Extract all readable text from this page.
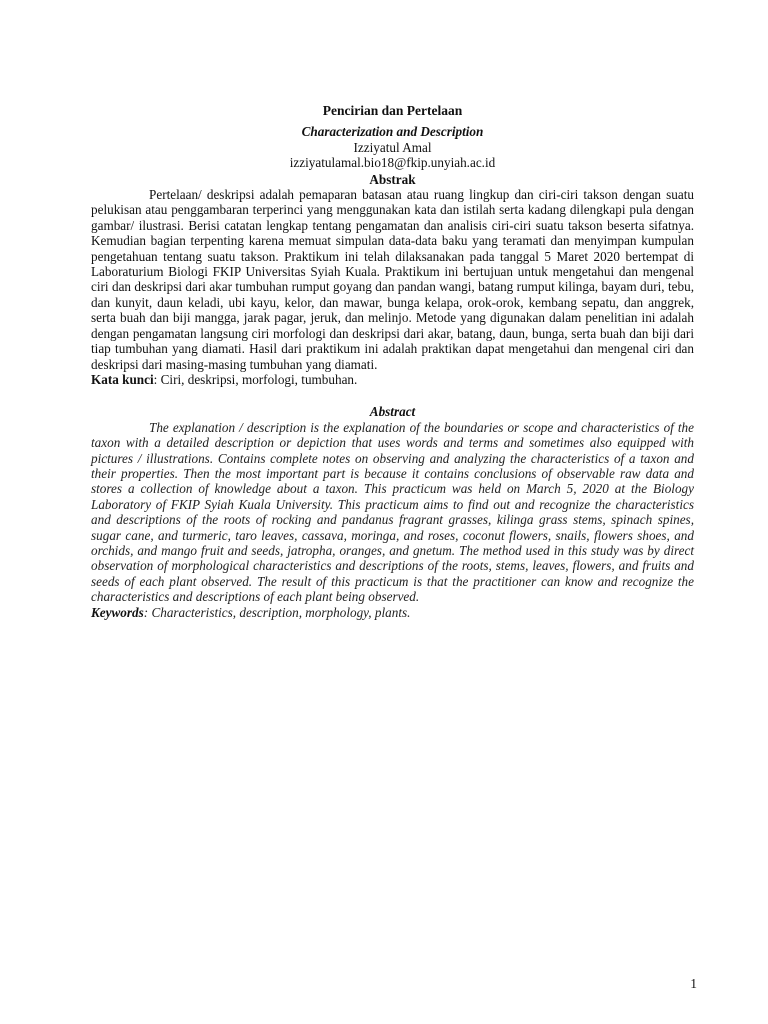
Pencirian dan Pertelaan

Characterization and Description

Izziyatul Amal

izziyatulamal.bio18@fkip.unyiah.ac.id

Abstrak

Pertelaan/ deskripsi adalah pemaparan batasan atau ruang lingkup dan ciri-ciri takson dengan suatu pelukisan atau penggambaran terperinci yang menggunakan kata dan istilah serta kadang dilengkapi pula dengan gambar/ ilustrasi. Berisi catatan lengkap tentang pengamatan dan analisis ciri-ciri suatu takson beserta sifatnya. Kemudian bagian terpenting karena memuat simpulan data-data baku yang teramati dan menyimpan kumpulan pengetahuan tentang suatu takson. Praktikum ini telah dilaksanakan pada tanggal 5 Maret 2020 bertempat di Laboraturium Biologi FKIP Universitas Syiah Kuala. Praktikum ini bertujuan untuk mengetahui dan mengenal ciri dan deskripsi dari akar tumbuhan rumput goyang dan pandan wangi, batang rumput kilinga, bayam duri, tebu, dan kunyit, daun keladi, ubi kayu, kelor, dan mawar, bunga kelapa, orok-orok, kembang sepatu, dan anggrek, serta buah dan biji mangga, jarak pagar, jeruk, dan melinjo. Metode yang digunakan dalam penelitian ini adalah dengan pengamatan langsung ciri morfologi dan deskripsi dari akar, batang, daun, bunga, serta buah dan biji dari tiap tumbuhan yang diamati. Hasil dari praktikum ini adalah praktikan dapat mengetahui dan mengenal ciri dan deskripsi dari masing-masing tumbuhan yang diamati.

Kata kunci: Ciri, deskripsi, morfologi, tumbuhan.

Abstract

The explanation / description is the explanation of the boundaries or scope and characteristics of the taxon with a detailed description or depiction that uses words and terms and sometimes also equipped with pictures / illustrations. Contains complete notes on observing and analyzing the characteristics of a taxon and their properties. Then the most important part is because it contains conclusions of observable raw data and stores a collection of knowledge about a taxon. This practicum was held on March 5, 2020 at the Biology Laboratory of FKIP Syiah Kuala University. This practicum aims to find out and recognize the characteristics and descriptions of the roots of rocking and pandanus fragrant grasses, kilinga grass stems, spinach spines, sugar cane, and turmeric, taro leaves, cassava, moringa, and roses, coconut flowers, snails, flowers shoes, and orchids, and mango fruit and seeds, jatropha, oranges, and gnetum. The method used in this study was by direct observation of morphological characteristics and descriptions of the roots, stems, leaves, flowers, and fruits and seeds of each plant observed. The result of this practicum is that the practitioner can know and recognize the characteristics and descriptions of each plant being observed.

Keywords: Characteristics, description, morphology, plants.

1
